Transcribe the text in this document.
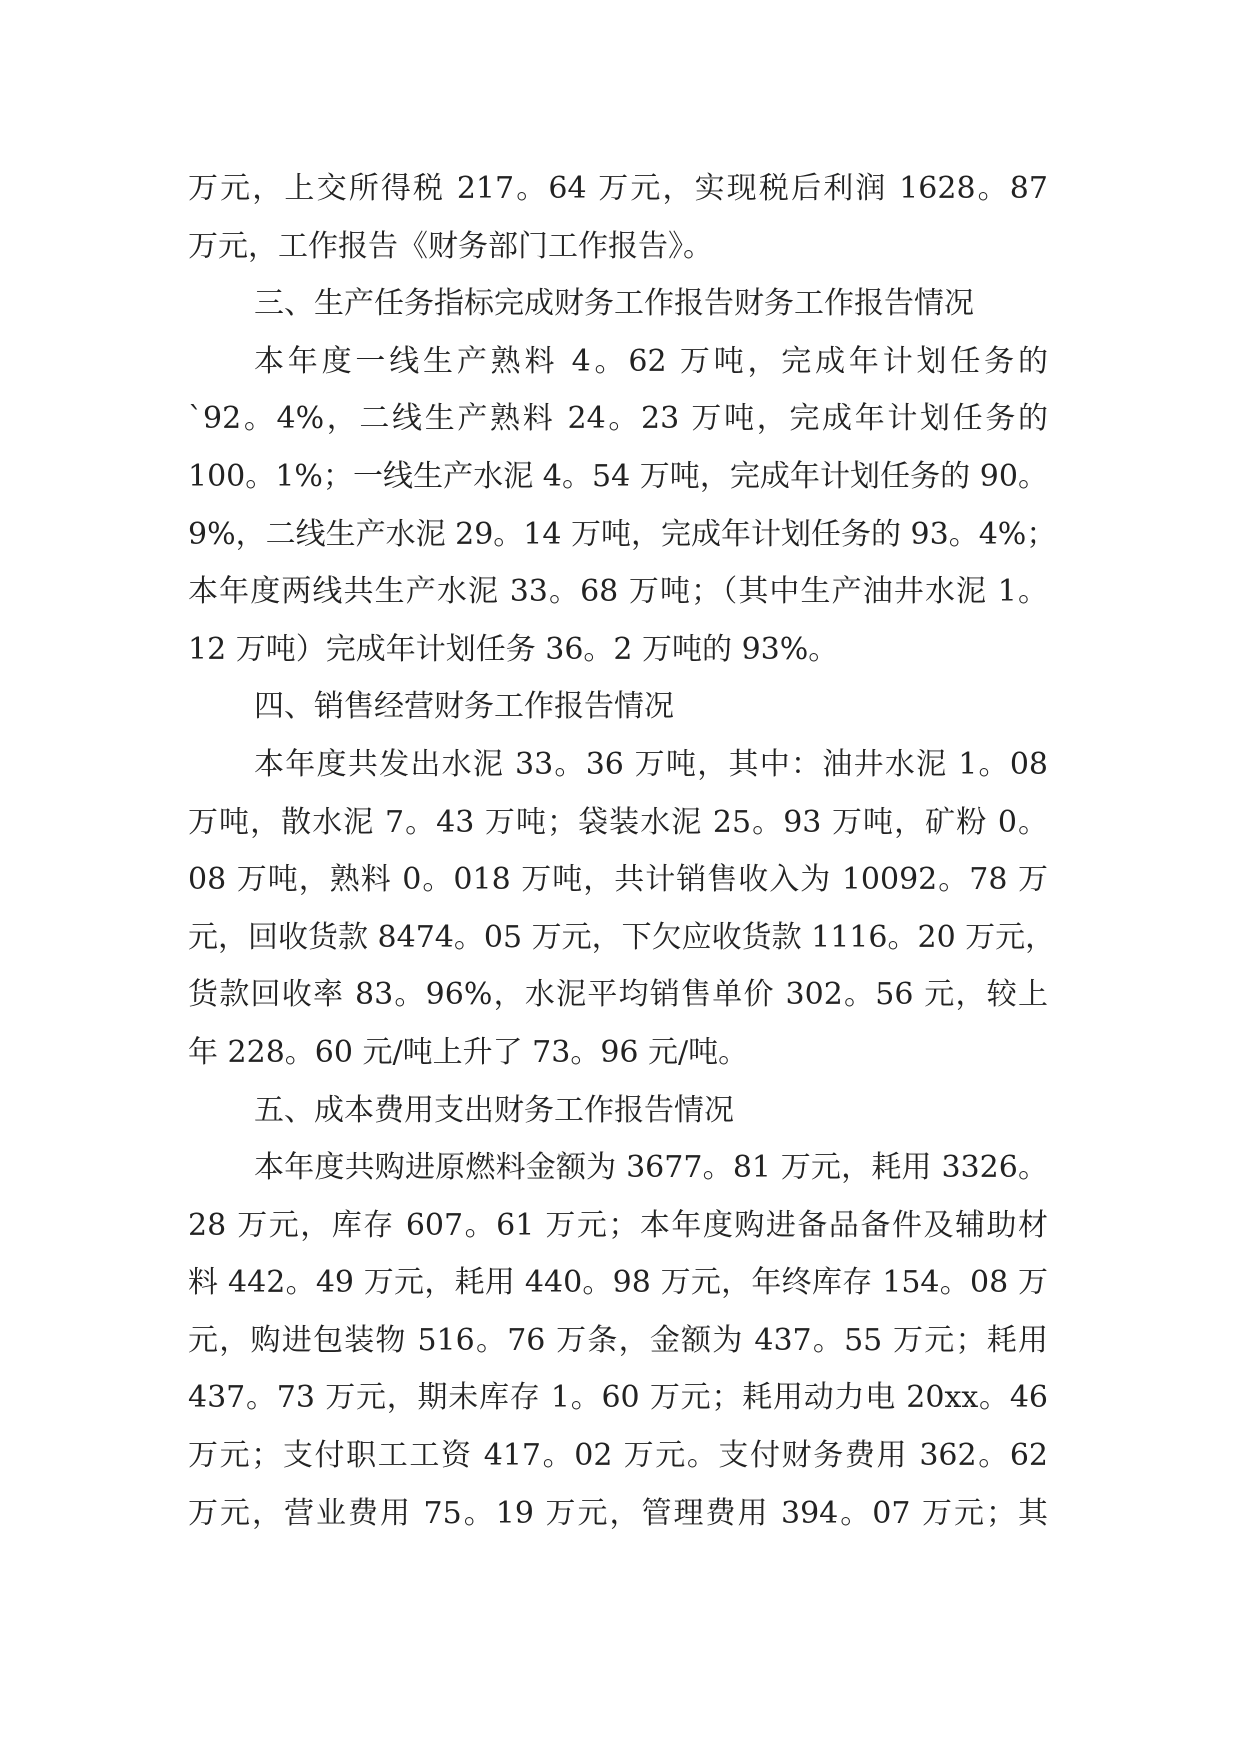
万元，上交所得税 217。64 万元，实现税后利润 1628。87
万元，工作报告《财务部门工作报告》。
三、生产任务指标完成财务工作报告财务工作报告情况
本年度一线生产熟料 4。62 万吨，完成年计划任务的
`92。4%，二线生产熟料 24。23 万吨，完成年计划任务的
100。1%；一线生产水泥 4。54 万吨，完成年计划任务的 90。
9%，二线生产水泥 29。14 万吨，完成年计划任务的 93。4%；
本年度两线共生产水泥 33。68 万吨；（其中生产油井水泥 1。
12 万吨）完成年计划任务 36。2 万吨的 93%。
四、销售经营财务工作报告情况
本年度共发出水泥 33。36 万吨，其中：油井水泥 1。08
万吨，散水泥 7。43 万吨；袋装水泥 25。93 万吨，矿粉 0。
08 万吨，熟料 0。018 万吨，共计销售收入为 10092。78 万
元，回收货款 8474。05 万元，下欠应收货款 1116。20 万元，
货款回收率 83。96%，水泥平均销售单价 302。56 元，较上
年 228。60 元/吨上升了 73。96 元/吨。
五、成本费用支出财务工作报告情况
本年度共购进原燃料金额为 3677。81 万元，耗用 3326。
28 万元，库存 607。61 万元；本年度购进备品备件及辅助材
料 442。49 万元，耗用 440。98 万元，年终库存 154。08 万
元，购进包装物 516。76 万条，金额为 437。55 万元；耗用
437。73 万元，期未库存 1。60 万元；耗用动力电 20xx。46
万元；支付职工工资 417。02 万元。支付财务费用 362。62
万元，营业费用 75。19 万元，管理费用 394。07 万元；其
